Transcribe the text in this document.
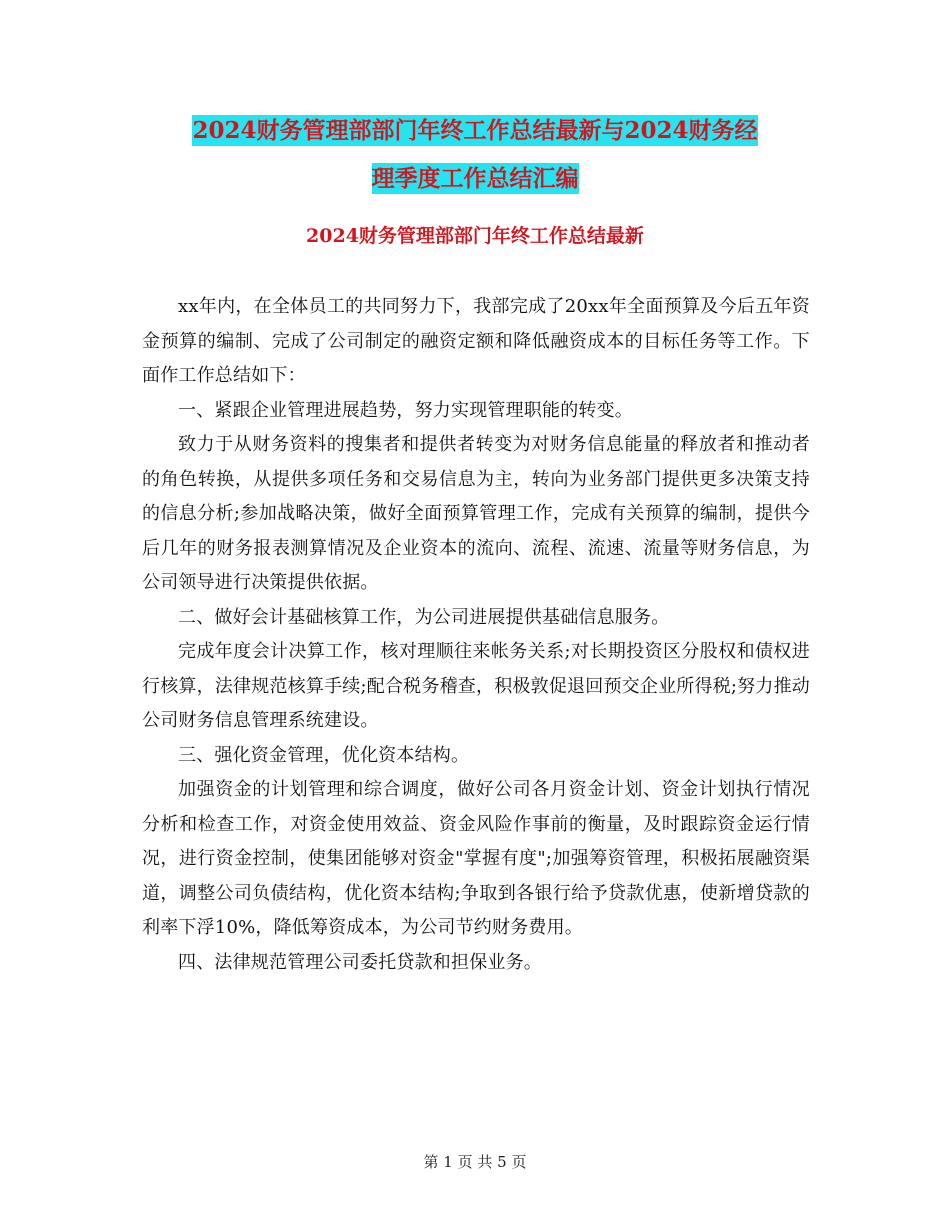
2024财务管理部部门年终工作总结最新与2024财务经
理季度工作总结汇编
2024财务管理部部门年终工作总结最新

xx年内，在全体员工的共同努力下，我部完成了20xx年全面预算及今后五年资金预算的编制、完成了公司制定的融资定额和降低融资成本的目标任务等工作。下面作工作总结如下：

一、紧跟企业管理进展趋势，努力实现管理职能的转变。

致力于从财务资料的搜集者和提供者转变为对财务信息能量的释放者和推动者的角色转换，从提供多项任务和交易信息为主，转向为业务部门提供更多决策支持的信息分析;参加战略决策，做好全面预算管理工作，完成有关预算的编制，提供今后几年的财务报表测算情况及企业资本的流向、流程、流速、流量等财务信息，为公司领导进行决策提供依据。

二、做好会计基础核算工作，为公司进展提供基础信息服务。

完成年度会计决算工作，核对理顺往来帐务关系;对长期投资区分股权和债权进行核算，法律规范核算手续;配合税务稽查，积极敦促退回预交企业所得税;努力推动公司财务信息管理系统建设。

三、强化资金管理，优化资本结构。

加强资金的计划管理和综合调度，做好公司各月资金计划、资金计划执行情况分析和检查工作，对资金使用效益、资金风险作事前的衡量，及时跟踪资金运行情况，进行资金控制，使集团能够对资金"掌握有度";加强筹资管理，积极拓展融资渠道，调整公司负债结构，优化资本结构;争取到各银行给予贷款优惠，使新增贷款的利率下浮10%，降低筹资成本，为公司节约财务费用。

四、法律规范管理公司委托贷款和担保业务。

第 1 页 共 5 页
